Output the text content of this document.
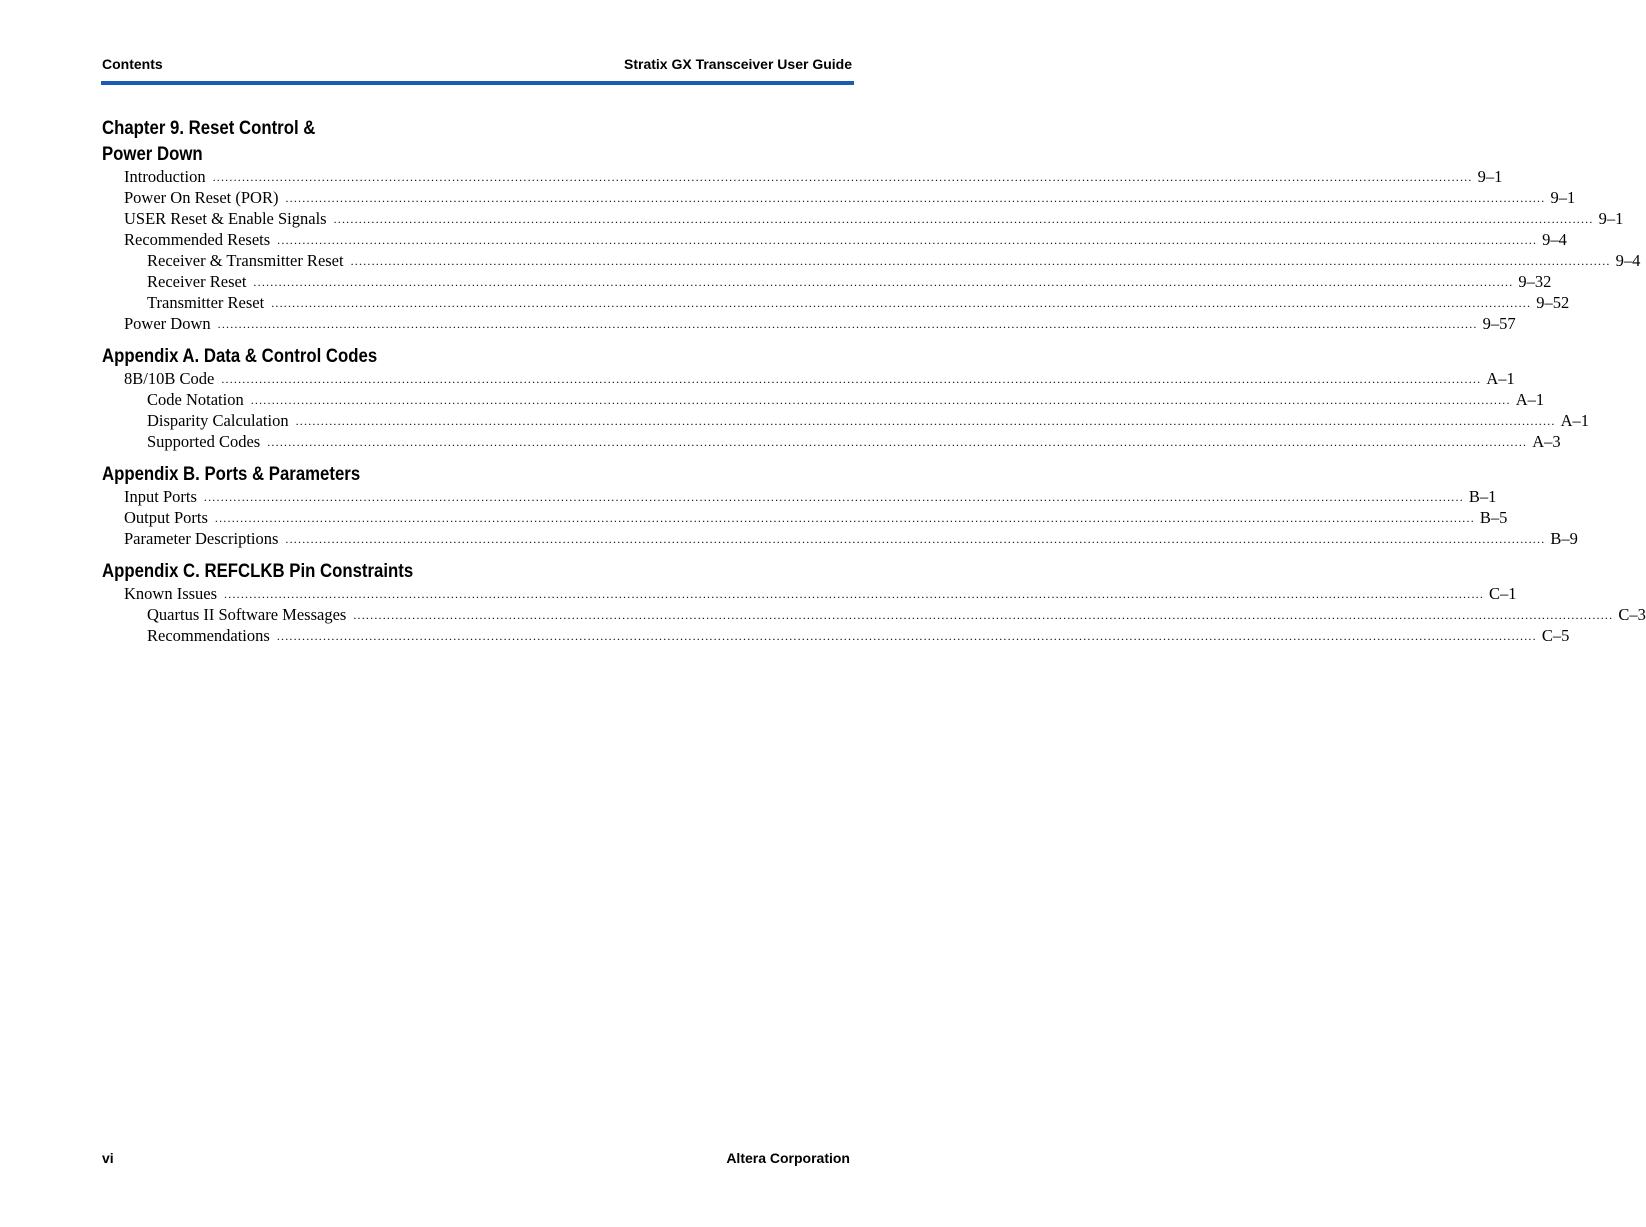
Contents	Stratix GX Transceiver User Guide
Chapter 9. Reset Control &
Power Down
Introduction ............................................................................................................................................................................................................................................................................................................ 9–1
Power On Reset (POR) ............................................................................................................................................................................................................................................................................................................ 9–1
USER Reset & Enable Signals ............................................................................................................................................................................................................................................................................................................ 9–1
Recommended Resets ............................................................................................................................................................................................................................................................................................................ 9–4
Receiver & Transmitter Reset ............................................................................................................................................................................................................................................................................................................ 9–4
Receiver Reset ............................................................................................................................................................................................................................................................................................................ 9–32
Transmitter Reset ............................................................................................................................................................................................................................................................................................................ 9–52
Power Down ............................................................................................................................................................................................................................................................................................................ 9–57
Appendix A. Data & Control Codes
8B/10B Code ............................................................................................................................................................................................................................................................................................................ A–1
Code Notation ............................................................................................................................................................................................................................................................................................................ A–1
Disparity Calculation ............................................................................................................................................................................................................................................................................................................ A–1
Supported Codes ............................................................................................................................................................................................................................................................................................................ A–3
Appendix B. Ports & Parameters
Input Ports ............................................................................................................................................................................................................................................................................................................ B–1
Output Ports ............................................................................................................................................................................................................................................................................................................ B–5
Parameter Descriptions ............................................................................................................................................................................................................................................................................................................ B–9
Appendix C. REFCLKB Pin Constraints
Known Issues ............................................................................................................................................................................................................................................................................................................ C–1
Quartus II Software Messages ............................................................................................................................................................................................................................................................................................................ C–3
Recommendations ............................................................................................................................................................................................................................................................................................................ C–5
vi	Altera Corporation
